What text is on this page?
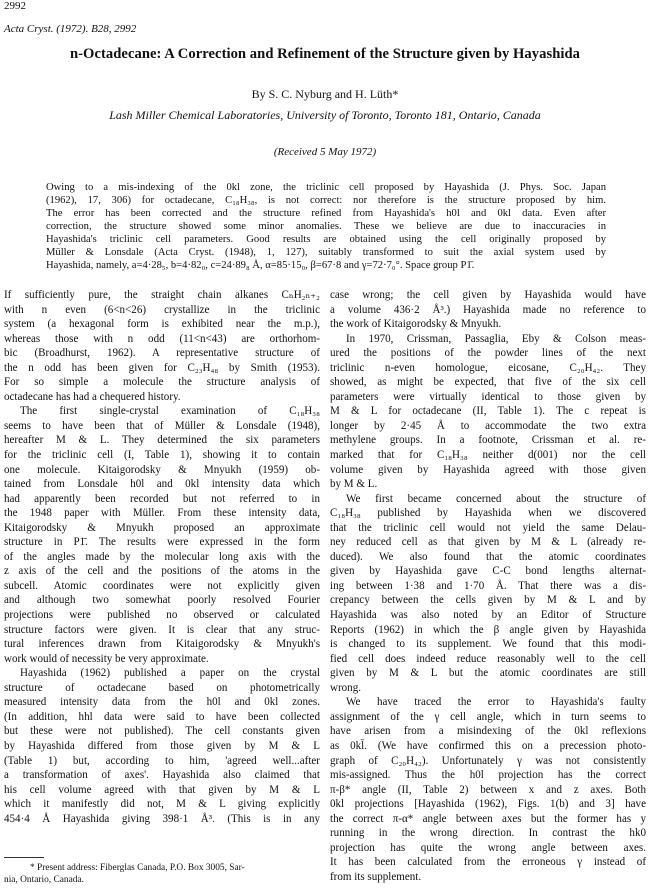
2992
Acta Cryst. (1972). B28, 2992
n-Octadecane: A Correction and Refinement of the Structure given by Hayashida
By S. C. Nyburg and H. Lüth*
Lash Miller Chemical Laboratories, University of Toronto, Toronto 181, Ontario, Canada
(Received 5 May 1972)
Owing to a mis-indexing of the 0kl zone, the triclinic cell proposed by Hayashida (J. Phys. Soc. Japan
(1962), 17, 306) for octadecane, C₁₈H₃₈, is not correct: nor therefore is the structure proposed by him.
The error has been corrected and the structure refined from Hayashida's h0l and 0kl data. Even after
correction, the structure showed some minor anomalies. These we believe are due to inaccuracies in
Hayashida's triclinic cell parameters. Good results are obtained using the cell originally proposed by
Müller & Lonsdale (Acta Cryst. (1948), 1, 127), suitably transformed to suit the axial system used by
Hayashida, namely, a=4·28₅, b=4·82₀, c=24·89₈ Å, α=85·15₀, β=67·8 and γ=72·7₀°. Space group P1̄.
If sufficiently pure, the straight chain alkanes CₙH₂ₙ₊₂
with n even (6<n<26) crystallize in the triclinic
system (a hexagonal form is exhibited near the m.p.),
whereas those with n odd (11<n<43) are orthorhom-
bic (Broadhurst, 1962). A representative structure of
the n odd has been given for C₂₃H₄₈ by Smith (1953).
For so simple a molecule the structure analysis of
octadecane has had a chequered history.
The first single-crystal examination of C₁₈H₃₈
seems to have been that of Müller & Lonsdale (1948),
hereafter M & L. They determined the six parameters
for the triclinic cell (I, Table 1), showing it to contain
one molecule. Kitaigorodsky & Mnyukh (1959) ob-
tained from Lonsdale h0l and 0kl intensity data which
had apparently been recorded but not referred to in
the 1948 paper with Müller. From these intensity data,
Kitaigorodsky & Mnyukh proposed an approximate
structure in P1̄. The results were expressed in the form
of the angles made by the molecular long axis with the
z axis of the cell and the positions of the atoms in the
subcell. Atomic coordinates were not explicitly given
and although two somewhat poorly resolved Fourier
projections were published no observed or calculated
structure factors were given. It is clear that any struc-
tural inferences drawn from Kitaigorodsky & Mnyukh's
work would of necessity be very approximate.
Hayashida (1962) published a paper on the crystal
structure of octadecane based on photometrically
measured intensity data from the h0l and 0kl zones.
(In addition, hhl data were said to have been collected
but these were not published). The cell constants given
by Hayashida differed from those given by M & L
(Table 1) but, according to him, 'agreed well...after
a transformation of axes'. Hayashida also claimed that
his cell volume agreed with that given by M & L
which it manifestly did not, M & L giving explicitly
454·4 Å Hayashida giving 398·1 Å³. (This is in any
case wrong; the cell given by Hayashida would have
a volume 436·2 Å³.) Hayashida made no reference to
the work of Kitaigorodsky & Mnyukh.
In 1970, Crissman, Passaglia, Eby & Colson meas-
ured the positions of the powder lines of the next
triclinic n-even homologue, eicosane, C₂₀H₄₂. They
showed, as might be expected, that five of the six cell
parameters were virtually identical to those given by
M & L for octadecane (II, Table 1). The c repeat is
longer by 2·45 Å to accommodate the two extra
methylene groups. In a footnote, Crissman et al. re-
marked that for C₁₈H₃₈ neither d(001) nor the cell
volume given by Hayashida agreed with those given
by M & L.
We first became concerned about the structure of
C₁₈H₃₈ published by Hayashida when we discovered
that the triclinic cell would not yield the same Delau-
ney reduced cell as that given by M & L (already re-
duced). We also found that the atomic coordinates
given by Hayashida gave C-C bond lengths alternat-
ing between 1·38 and 1·70 Å. That there was a dis-
crepancy between the cells given by M & L and by
Hayashida was also noted by an Editor of Structure
Reports (1962) in which the β angle given by Hayashida
is changed to its supplement. We found that this modi-
fied cell does indeed reduce reasonably well to the cell
given by M & L but the atomic coordinates are still
wrong.
We have traced the error to Hayashida's faulty
assignment of the γ cell angle, which in turn seems to
have arisen from a misindexing of the 0kl reflexions
as 0kl̄. (We have confirmed this on a precession photo-
graph of C₂₀H₄₂). Unfortunately γ was not consistently
mis-assigned. Thus the h0l projection has the correct
π-β* angle (II, Table 2) between x and z axes. Both
0kl projections [Hayashida (1962), Figs. 1(b) and 3] have
the correct π-α* angle between axes but the former has y
running in the wrong direction. In contrast the hk0
projection has quite the wrong angle between axes.
It has been calculated from the erroneous γ instead of
from its supplement.
* Present address: Fiberglas Canada, P.O. Box 3005, Sar-
nia, Ontario, Canada.
